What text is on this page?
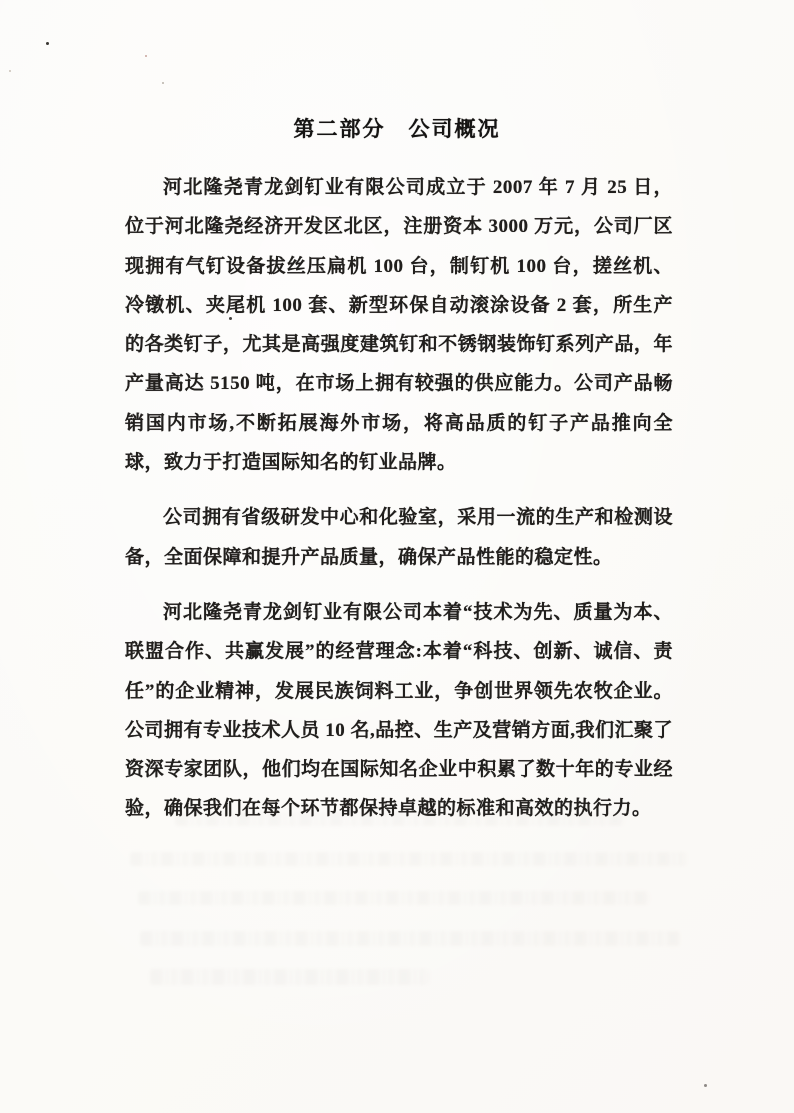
第二部分　公司概况

河北隆尧青龙剑钉业有限公司成立于 2007 年 7 月 25 日，位于河北隆尧经济开发区北区，注册资本 3000 万元，公司厂区现拥有气钉设备拔丝压扁机 100 台，制钉机 100 台，搓丝机、冷镦机、夹尾机 100 套、新型环保自动滚涂设备 2 套，所生产的各类钉子，尤其是高强度建筑钉和不锈钢装饰钉系列产品，年产量高达 5150 吨，在市场上拥有较强的供应能力。公司产品畅销国内市场,不断拓展海外市场，将高品质的钉子产品推向全球，致力于打造国际知名的钉业品牌。

公司拥有省级研发中心和化验室，采用一流的生产和检测设备，全面保障和提升产品质量，确保产品性能的稳定性。

河北隆尧青龙剑钉业有限公司本着“技术为先、质量为本、联盟合作、共赢发展”的经营理念:本着“科技、创新、诚信、责任”的企业精神，发展民族饲料工业，争创世界领先农牧企业。公司拥有专业技术人员 10 名,品控、生产及营销方面,我们汇聚了资深专家团队，他们均在国际知名企业中积累了数十年的专业经验，确保我们在每个环节都保持卓越的标准和高效的执行力。
